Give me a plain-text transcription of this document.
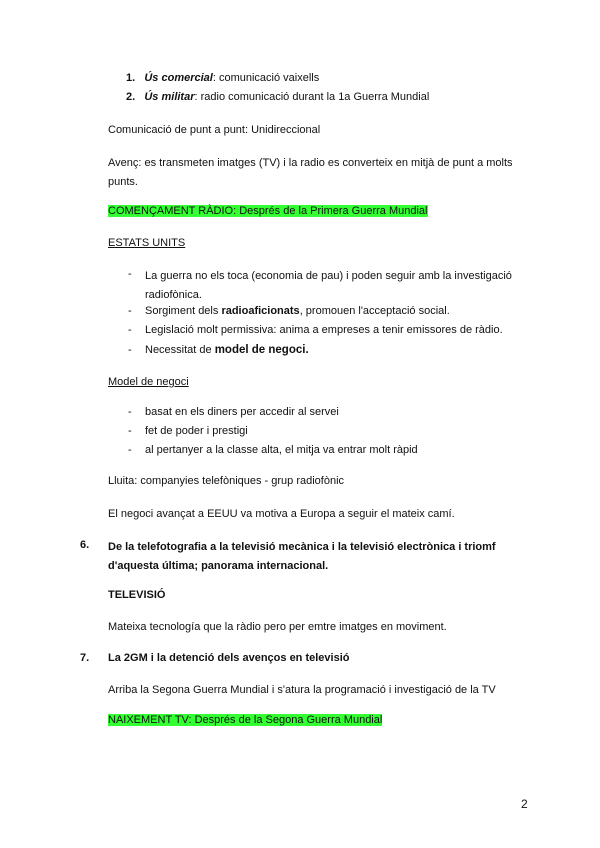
1. Ús comercial: comunicació vaixells
2. Ús militar: radio comunicació durant la 1a Guerra Mundial
Comunicació de punt a punt: Unidireccional
Avenç: es transmeten imatges (TV) i la radio es converteix en mitjà de punt a molts punts.
COMENÇAMENT RÀDIO: Després de la Primera Guerra Mundial
ESTATS UNITS
- La guerra no els toca (economia de pau) i poden seguir amb la investigació radiofònica.
- Sorgiment dels radioaficionats, promouen l'acceptació social.
- Legislació molt permissiva: anima a empreses a tenir emissores de ràdio.
- Necessitat de model de negoci.
Model de negoci
- basat en els diners per accedir al servei
- fet de poder i prestigi
- al pertanyer a la classe alta, el mitja va entrar molt ràpid
Lluita: companyies telefòniques - grup radiofònic
El negoci avançat a EEUU va motiva a Europa a seguir el mateix camí.
6. De la telefotografia a la televisió mecànica i la televisió electrònica i triomf d'aquesta última; panorama internacional.
TELEVISIÓ
Mateixa tecnología que la ràdio pero per emtre imatges en moviment.
7. La 2GM i la detenció dels avenços en televisió
Arriba la Segona Guerra Mundial i s'atura la programació i investigació de la TV
NAIXEMENT TV: Després de la Segona Guerra Mundial
2
